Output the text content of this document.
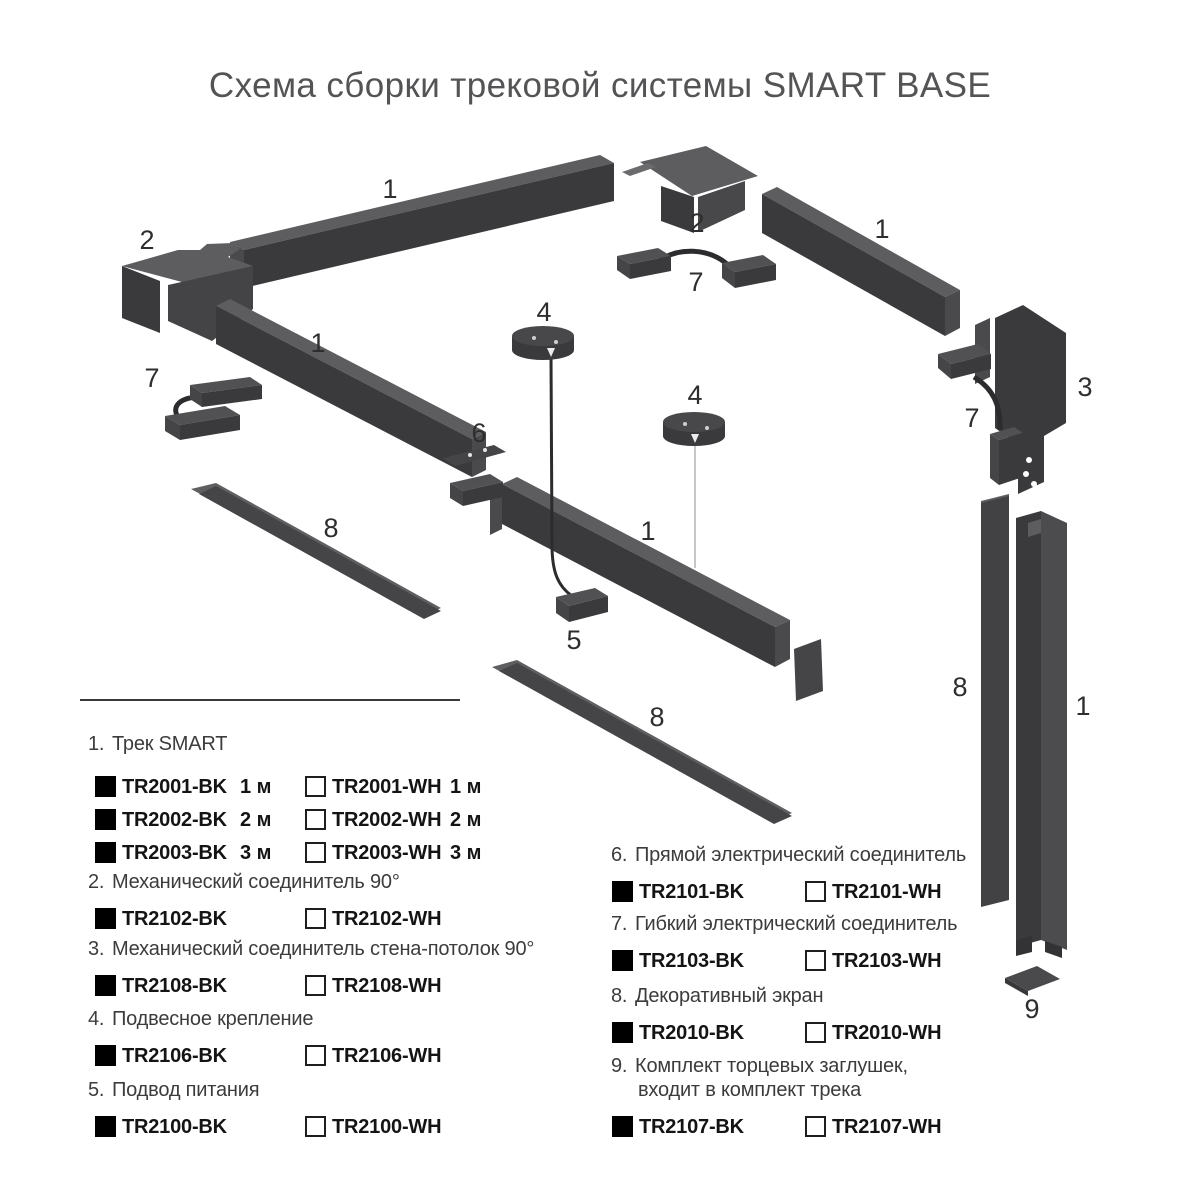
Схема сборки трековой системы SMART BASE
1
2
1
7
2
7
1
3
7
4
4
6
1
5
8
8
8
1
9
1. Трек SMART
TR2001-BK 1 м	TR2001-WH 1 м
TR2002-BK 2 м	TR2002-WH 2 м
TR2003-BK 3 м	TR2003-WH 3 м
2. Механический соединитель 90°
TR2102-BK	TR2102-WH
3. Механический соединитель стена-потолок 90°
TR2108-BK	TR2108-WH
4. Подвесное крепление
TR2106-BK	TR2106-WH
5. Подвод питания
TR2100-BK	TR2100-WH
6. Прямой электрический соединитель
TR2101-BK	TR2101-WH
7. Гибкий электрический соединитель
TR2103-BK	TR2103-WH
8. Декоративный экран
TR2010-BK	TR2010-WH
9. Комплект торцевых заглушек,
входит в комплект трека
TR2107-BK	TR2107-WH
